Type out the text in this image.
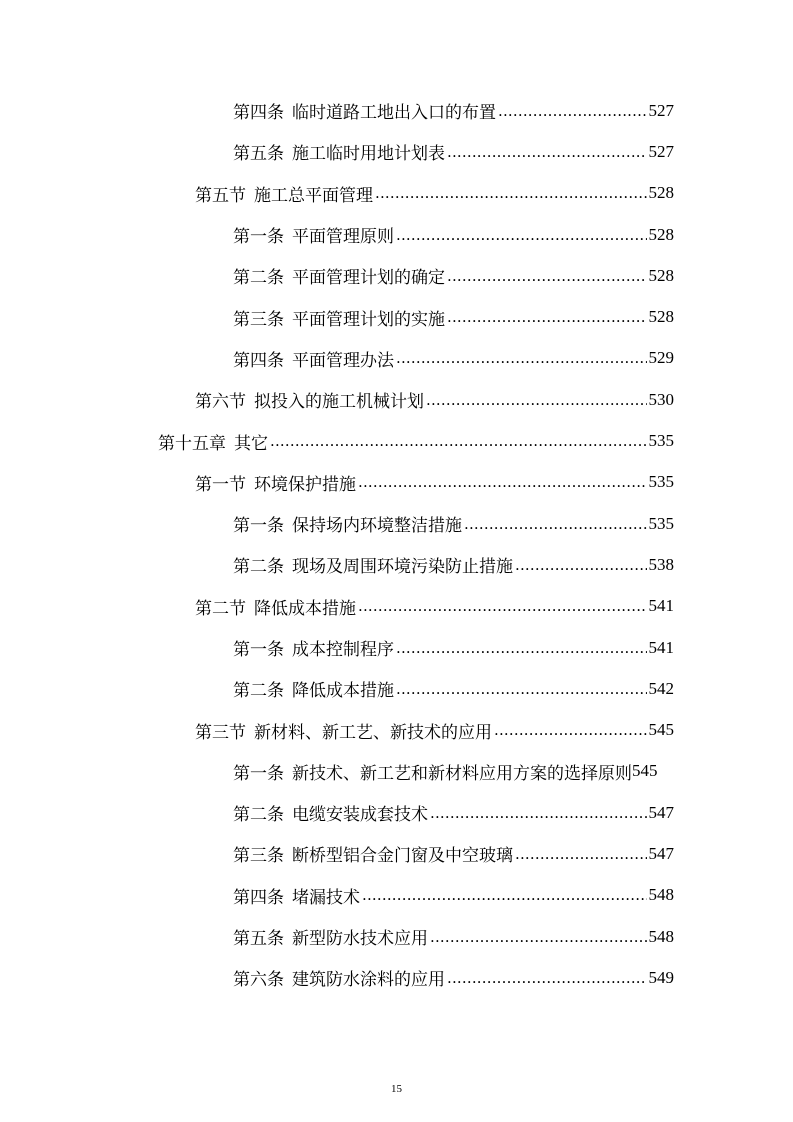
第四条 临时道路工地出入口的布置 .....	527
第五条 施工临时用地计划表 .....	527
第五节 施工总平面管理 .....	528
第一条 平面管理原则 .....	528
第二条 平面管理计划的确定 .....	528
第三条 平面管理计划的实施 .....	528
第四条 平面管理办法 .....	529
第六节 拟投入的施工机械计划 .....	530
第十五章 其它 .....	535
第一节 环境保护措施 .....	535
第一条 保持场内环境整洁措施 .....	535
第二条 现场及周围环境污染防止措施 .....	538
第二节 降低成本措施 .....	541
第一条 成本控制程序 .....	541
第二条 降低成本措施 .....	542
第三节 新材料、新工艺、新技术的应用 .....	545
第一条 新技术、新工艺和新材料应用方案的选择原则 545
第二条 电缆安装成套技术 .....	547
第三条 断桥型铝合金门窗及中空玻璃 .....	547
第四条 堵漏技术 .....	548
第五条 新型防水技术应用 .....	548
第六条 建筑防水涂料的应用 .....	549
15
